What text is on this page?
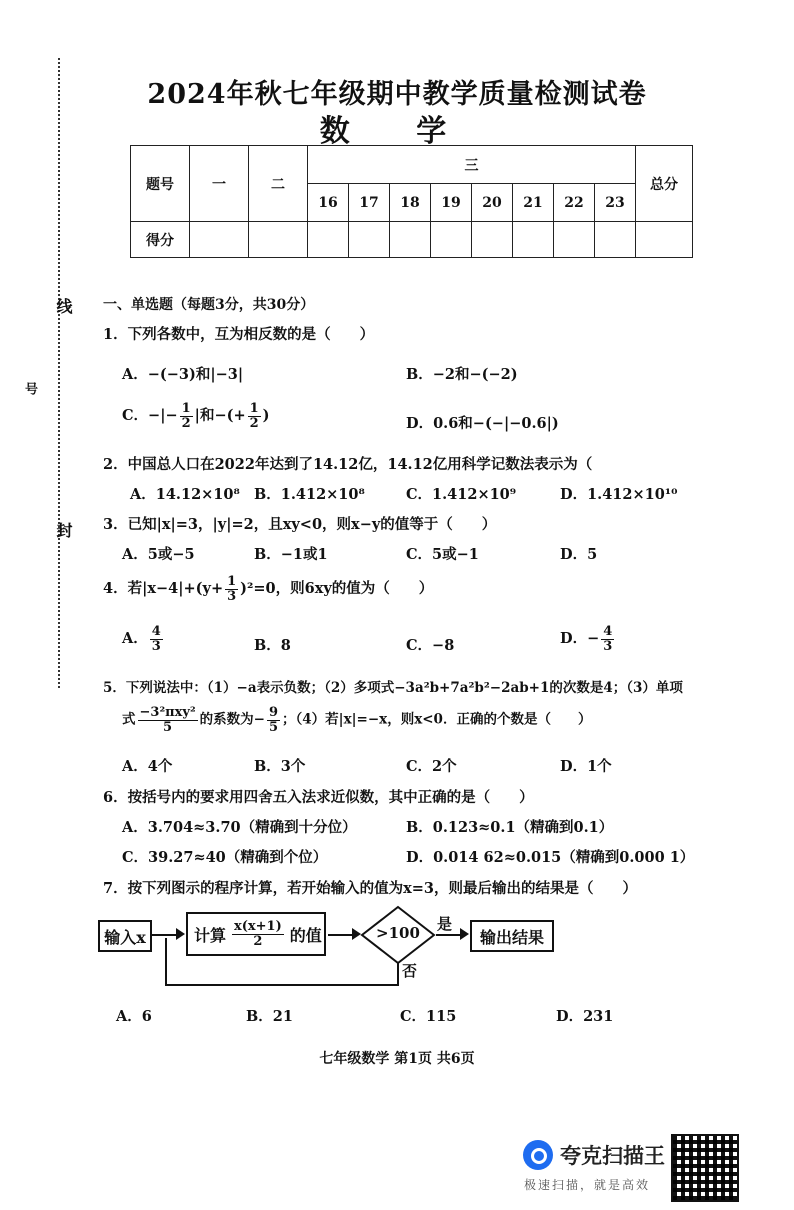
2024年秋七年级期中教学质量检测试卷
数 学
线
封
号
题号	一	二	三								总分
			16	17	18	19	20	21	22	23	
得分											
一、单选题（每题3分，共30分）
1．下列各数中，互为相反数的是（　　）
A．−(−3)和|−3|	B．−2和−(−2)
C．−|− $\frac{1}{2}$ |和−(+ $\frac{1}{2}$ )	D．0.6和−(−|−0.6|)
2．中国总人口在2022年达到了14.12亿，14.12亿用科学记数法表示为（
A．14.12×10⁸ B．1.412×10⁸	C．1.412×10⁹	D．1.412×10¹⁰
3．已知|x|=3，|y|=2，且xy<0，则x−y的值等于（　　）
A．5或−5	B．−1或1	C．5或−1	D．5
4．若$|x-4|+(y+ \frac{1}{3} )^2=0$，则6xy的值为（　　）
A． $\frac{4}{3}$	B．8	C．−8	D．− $\frac{4}{3}$
5．下列说法中：（1）−a表示负数；（2）多项式−3a²b+7a²b²−2ab+1的次数是4；（3）单项
式 $\frac{\text{−3²πxy²}}{5}$ 的系数为− $\frac{9}{5}$ ；（4）若|x|=−x，则x<0．正确的个数是（　　）
A．4个	B．3个	C．2个	D．1个
6．按括号内的要求用四舍五入法求近似数，其中正确的是（　　）
A．3.704≈3.70（精确到十分位）	B．0.123≈0.1（精确到0.1）
C．39.27≈40（精确到个位）	D．0.014 62≈0.015（精确到0.000 1）
7．按下列图示的程序计算，若开始输入的值为x=3，则最后输出的结果是（　　）
输入x	计算 $\frac{x(x+1)}{2}$ 的值	>100	是
输出结果
否
A．6	B．21	C．115	D．231
七年级数学 第1页 共6页
夸克扫描王
极速扫描，就是高效
